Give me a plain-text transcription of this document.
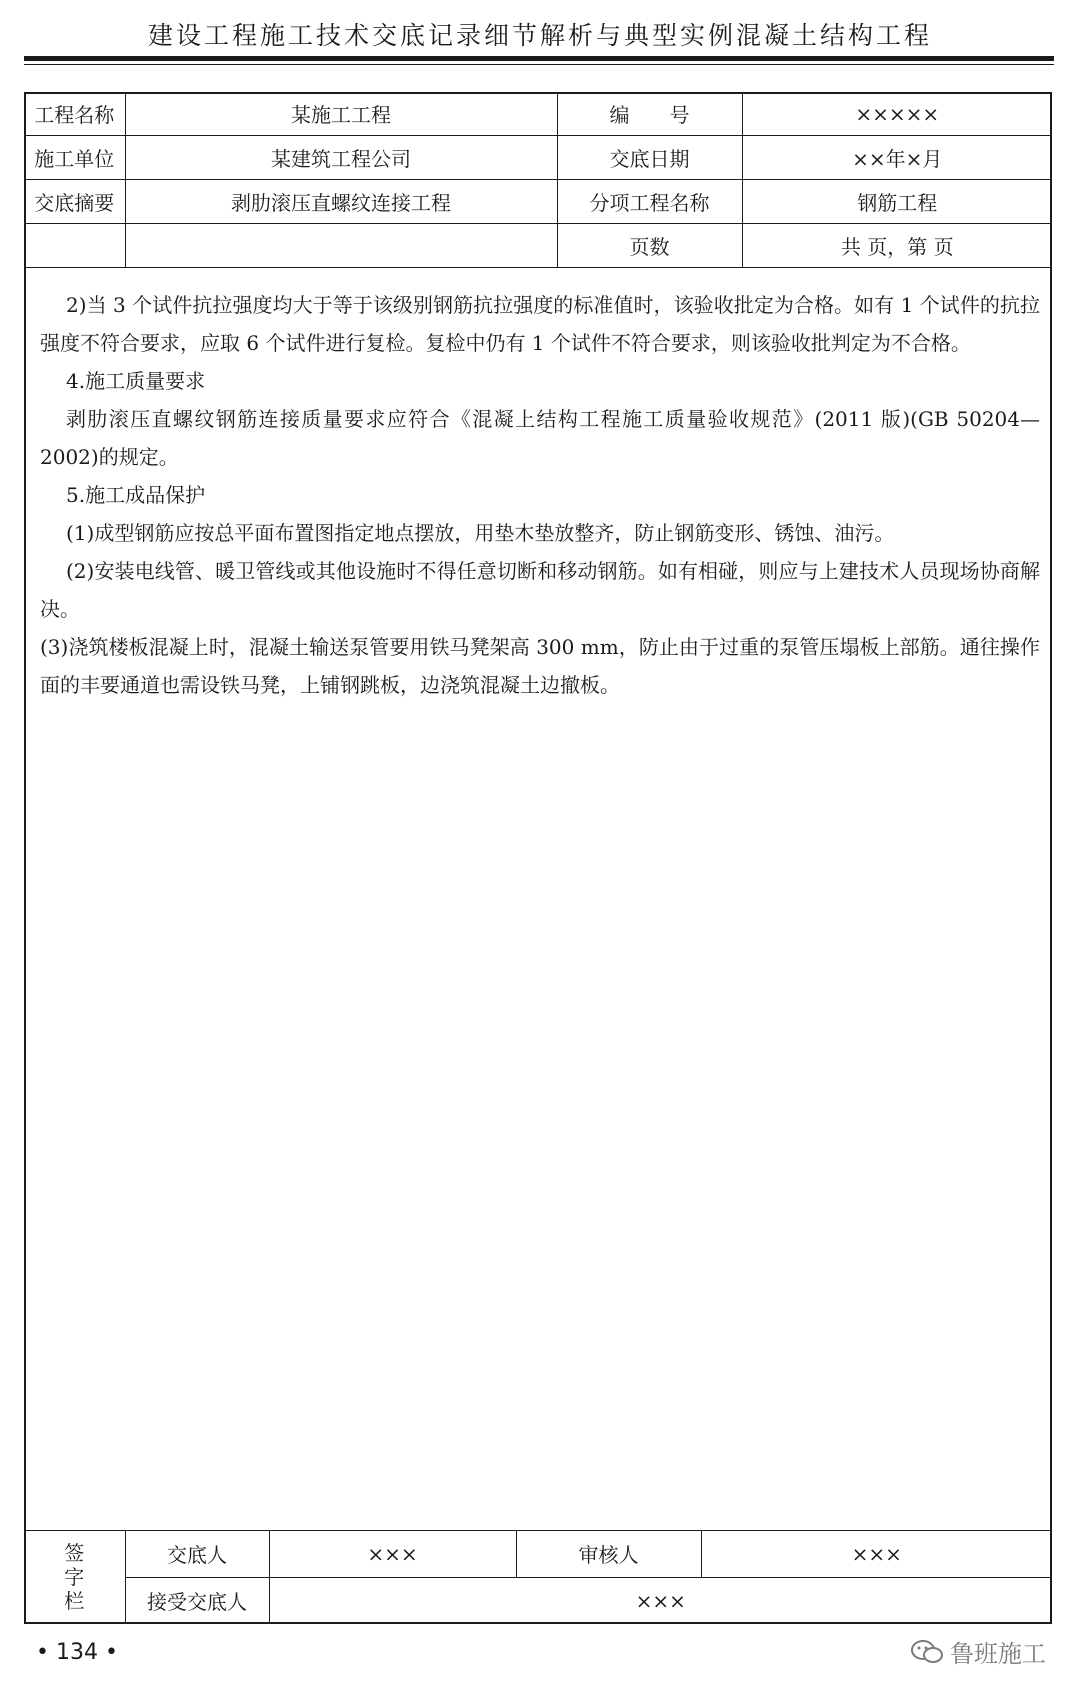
建设工程施工技术交底记录细节解析与典型实例混凝土结构工程
工程名称	某施工工程	编　　号	×××××
施工单位	某建筑工程公司	交底日期	××年×月
交底摘要	剥肋滚压直螺纹连接工程	分项工程名称	钢筋工程
		页数	共 页，第 页

2)当 3 个试件抗拉强度均大于等于该级别钢筋抗拉强度的标准值时，该验收批定为合格。如有 1 个试件的抗拉强度不符合要求，应取 6 个试件进行复检。复检中仍有 1 个试件不符合要求，则该验收批判定为不合格。

4.施工质量要求

剥肋滚压直螺纹钢筋连接质量要求应符合《混凝上结构工程施工质量验收规范》(2011 版)(GB 50204—2002)的规定。

5.施工成品保护

(1)成型钢筋应按总平面布置图指定地点摆放，用垫木垫放整齐，防止钢筋变形、锈蚀、油污。

(2)安装电线管、暖卫管线或其他设施时不得任意切断和移动钢筋。如有相碰，则应与上建技术人员现场协商解决。

(3)浇筑楼板混凝上时，混凝土输送泵管要用铁马凳架高 300 mm，防止由于过重的泵管压塌板上部筋。通往操作面的丰要通道也需设铁马凳，上铺钢跳板，边浇筑混凝土边撤板。

签
字
栏	交底人	×××	审核人	×××
	接受交底人	×××		
• 134 •	鲁班施工
